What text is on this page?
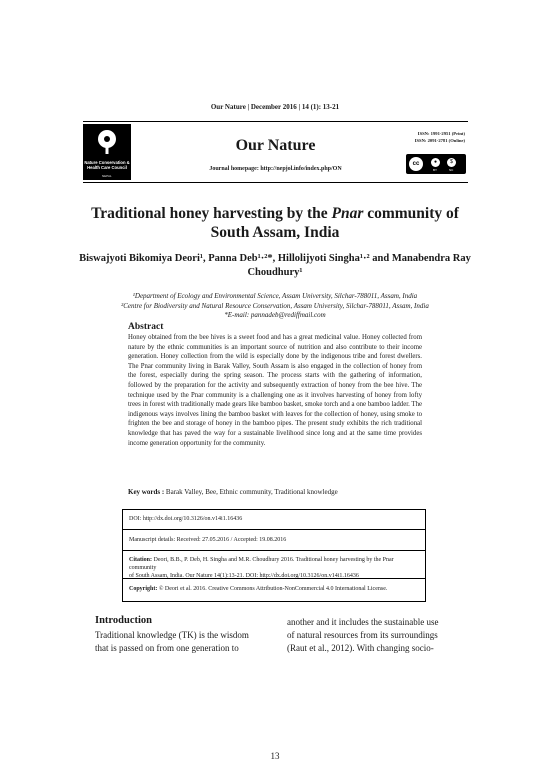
Our Nature | December 2016 | 14 (1): 13-21
Nature Conservation &
Health Care Council
NEPAL
Our Nature
Journal homepage: http://nepjol.info/index.php/ON
ISSN: 1991-2951 (Print)
ISSN: 2091-2781 (Online)
cc	●	$
BY	NC
Traditional honey harvesting by the Pnar community of
South Assam, India
Biswajyoti Bikomiya Deori¹, Panna Deb¹·²*, Hillolijyoti Singha¹·² and Manabendra Ray
Choudhury¹
¹Department of Ecology and Environmental Science, Assam University, Silchar-788011, Assam, India
²Centre for Biodiversity and Natural Resource Conservation, Assam University, Silchar-788011, Assam, India
*E-mail: pannadeb@rediffmail.com
Abstract
Honey obtained from the bee hives is a sweet food and has a great medicinal value. Honey collected from nature by the ethnic communities is an important source of nutrition and also contribute to their income generation. Honey collection from the wild is especially done by the indigenous tribe and forest dwellers. The Pnar community living in Barak Valley, South Assam is also engaged in the collection of honey from the forest, especially during the spring season. The process starts with the gathering of information, followed by the preparation for the activity and subsequently extraction of honey from the bee hive. The technique used by the Pnar community is a challenging one as it involves harvesting of honey from lofty trees in forest with traditionally made gears like bamboo basket, smoke torch and a one bamboo ladder. The indigenous ways involves lining the bamboo basket with leaves for the collection of honey, using smoke to frighten the bee and storage of honey in the bamboo pipes. The present study exhibits the rich traditional knowledge that has paved the way for a sustainable livelihood since long and at the same time provides income generation opportunity for the community.
Key words : Barak Valley, Bee, Ethnic community, Traditional knowledge
DOI: http://dx.doi.org/10.3126/on.v14i1.16436
Manuscript details: Received: 27.05.2016 / Accepted: 19.08.2016
Citation: Deori, B.B., P. Deb, H. Singha and M.R. Choudhury 2016. Traditional honey harvesting by the Pnar community
of South Assam, India. Our Nature 14(1):13-21. DOI: http://dx.doi.org/10.3126/on.v14i1.16436
Copyright: © Deori et al. 2016. Creative Commons Attribution-NonCommercial 4.0 International License.
Introduction
Traditional knowledge (TK) is the wisdom
that is passed on from one generation to
another and it includes the sustainable use
of natural resources from its surroundings
(Raut et al., 2012). With changing socio-
13
